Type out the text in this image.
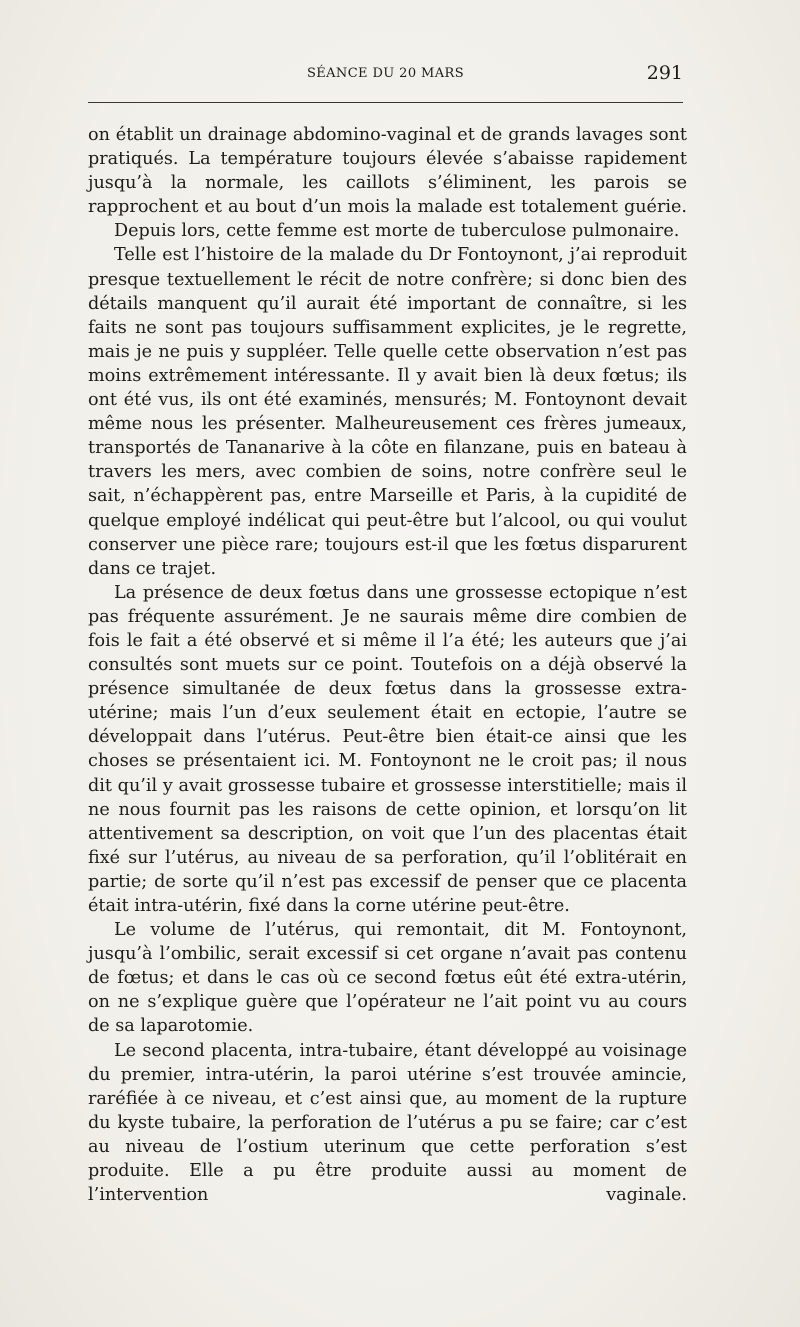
SÉANCE DU 20 MARS	291

on établit un drainage abdomino-vaginal et de grands lavages sont pratiqués. La température toujours élevée s’abaisse rapidement jusqu’à la normale, les caillots s’éliminent, les parois se rapprochent et au bout d’un mois la malade est totalement guérie.

Depuis lors, cette femme est morte de tuberculose pulmonaire.

Telle est l’histoire de la malade du Dr Fontoynont, j’ai reproduit presque textuellement le récit de notre confrère; si donc bien des détails manquent qu’il aurait été important de connaître, si les faits ne sont pas toujours suffisamment explicites, je le regrette, mais je ne puis y suppléer. Telle quelle cette observation n’est pas moins extrêmement intéressante. Il y avait bien là deux fœtus; ils ont été vus, ils ont été examinés, mensurés; M. Fontoynont devait même nous les présenter. Malheureusement ces frères jumeaux, transportés de Tananarive à la côte en filanzane, puis en bateau à travers les mers, avec combien de soins, notre confrère seul le sait, n’échappèrent pas, entre Marseille et Paris, à la cupidité de quelque employé indélicat qui peut-être but l’alcool, ou qui voulut conserver une pièce rare; toujours est-il que les fœtus disparurent dans ce trajet.

La présence de deux fœtus dans une grossesse ectopique n’est pas fréquente assurément. Je ne saurais même dire combien de fois le fait a été observé et si même il l’a été; les auteurs que j’ai consultés sont muets sur ce point. Toutefois on a déjà observé la présence simultanée de deux fœtus dans la grossesse extra-utérine; mais l’un d’eux seulement était en ectopie, l’autre se développait dans l’utérus. Peut-être bien était-ce ainsi que les choses se présentaient ici. M. Fontoynont ne le croit pas; il nous dit qu’il y avait grossesse tubaire et grossesse interstitielle; mais il ne nous fournit pas les raisons de cette opinion, et lorsqu’on lit attentivement sa description, on voit que l’un des placentas était fixé sur l’utérus, au niveau de sa perforation, qu’il l’oblitérait en partie; de sorte qu’il n’est pas excessif de penser que ce placenta était intra-utérin, fixé dans la corne utérine peut-être.

Le volume de l’utérus, qui remontait, dit M. Fontoynont, jusqu’à l’ombilic, serait excessif si cet organe n’avait pas contenu de fœtus; et dans le cas où ce second fœtus eût été extra-utérin, on ne s’explique guère que l’opérateur ne l’ait point vu au cours de sa laparotomie.

Le second placenta, intra-tubaire, étant développé au voisinage du premier, intra-utérin, la paroi utérine s’est trouvée amincie, raréfiée à ce niveau, et c’est ainsi que, au moment de la rupture du kyste tubaire, la perforation de l’utérus a pu se faire; car c’est au niveau de l’ostium uterinum que cette perforation s’est produite. Elle a pu être produite aussi au moment de l’intervention vaginale.
